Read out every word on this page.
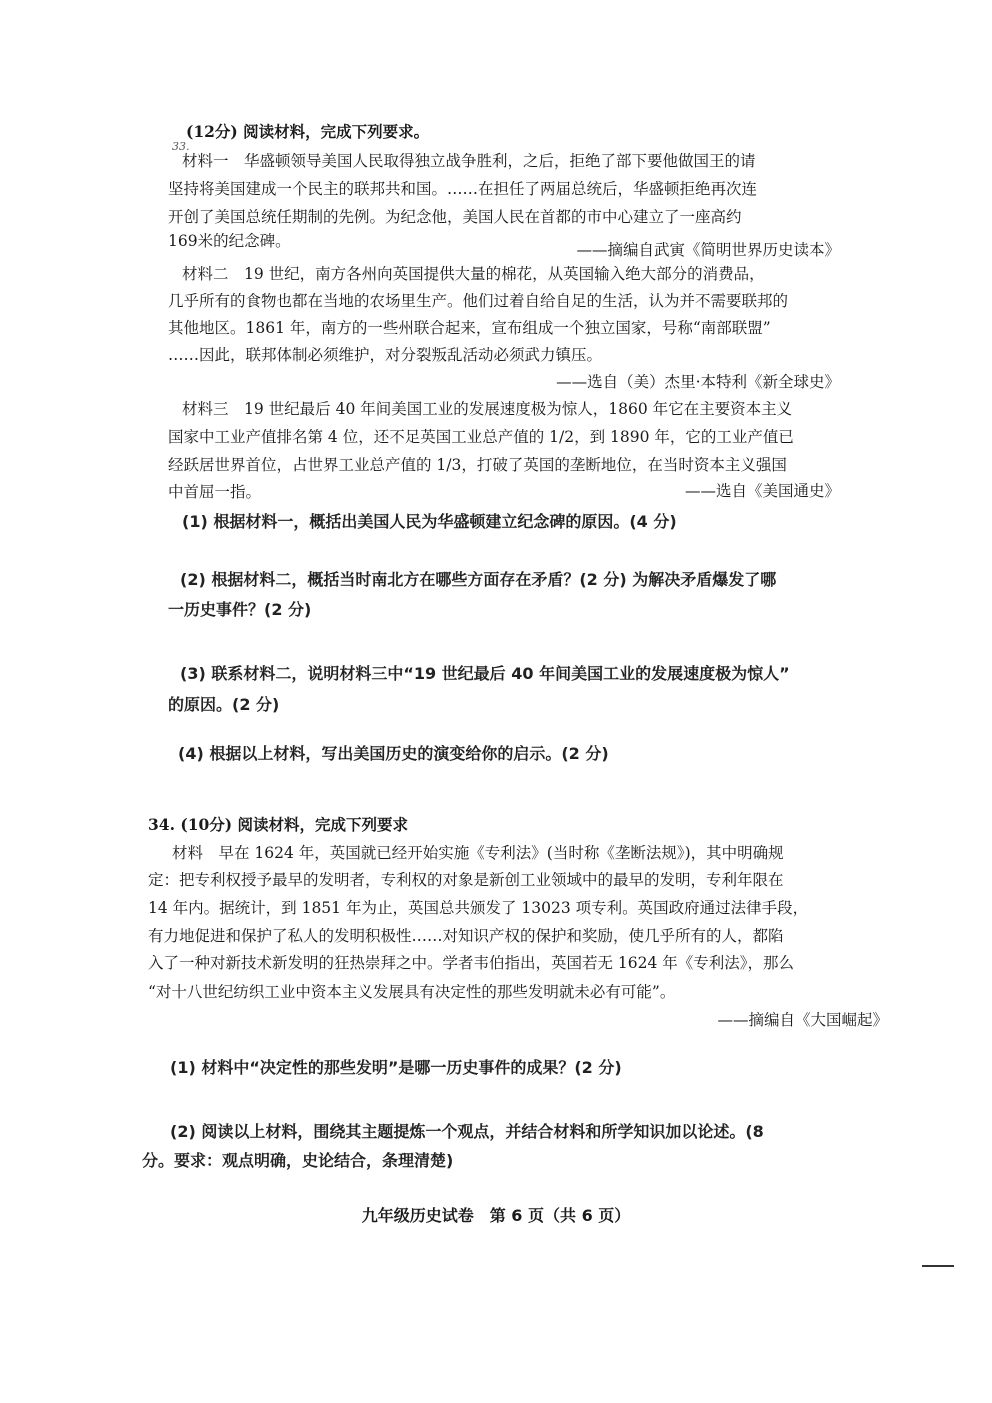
33.
(12分) 阅读材料，完成下列要求。
材料一　华盛顿领导美国人民取得独立战争胜利，之后，拒绝了部下要他做国王的请
坚持将美国建成一个民主的联邦共和国。……在担任了两届总统后，华盛顿拒绝再次连
开创了美国总统任期制的先例。为纪念他，美国人民在首都的市中心建立了一座高约
169米的纪念碑。	——摘编自武寅《简明世界历史读本》
材料二　19 世纪，南方各州向英国提供大量的棉花，从英国输入绝大部分的消费品，
几乎所有的食物也都在当地的农场里生产。他们过着自给自足的生活，认为并不需要联邦的
其他地区。1861 年，南方的一些州联合起来，宣布组成一个独立国家，号称“南部联盟”
……因此，联邦体制必须维护，对分裂叛乱活动必须武力镇压。
——选自（美）杰里·本特利《新全球史》
材料三　19 世纪最后 40 年间美国工业的发展速度极为惊人，1860 年它在主要资本主义
国家中工业产值排名第 4 位，还不足英国工业总产值的 1/2，到 1890 年，它的工业产值已
经跃居世界首位，占世界工业总产值的 1/3，打破了英国的垄断地位，在当时资本主义强国
中首屈一指。	——选自《美国通史》
(1) 根据材料一，概括出美国人民为华盛顿建立纪念碑的原因。(4 分)
(2) 根据材料二，概括当时南北方在哪些方面存在矛盾？(2 分) 为解决矛盾爆发了哪
一历史事件？(2 分)
(3) 联系材料二，说明材料三中“19 世纪最后 40 年间美国工业的发展速度极为惊人”
的原因。(2 分)
(4) 根据以上材料，写出美国历史的演变给你的启示。(2 分)
34. (10分) 阅读材料，完成下列要求
材料　早在 1624 年，英国就已经开始实施《专利法》(当时称《垄断法规》)，其中明确规
定：把专利权授予最早的发明者，专利权的对象是新创工业领域中的最早的发明，专利年限在
14 年内。据统计，到 1851 年为止，英国总共颁发了 13023 项专利。英国政府通过法律手段，
有力地促进和保护了私人的发明积极性……对知识产权的保护和奖励，使几乎所有的人，都陷
入了一种对新技术新发明的狂热崇拜之中。学者韦伯指出，英国若无 1624 年《专利法》，那么
“对十八世纪纺织工业中资本主义发展具有决定性的那些发明就未必有可能”。
——摘编自《大国崛起》
(1) 材料中“决定性的那些发明”是哪一历史事件的成果？(2 分)
(2) 阅读以上材料，围绕其主题提炼一个观点，并结合材料和所学知识加以论述。(8
分。要求：观点明确，史论结合，条理清楚)
九年级历史试卷　第 6 页（共 6 页）
